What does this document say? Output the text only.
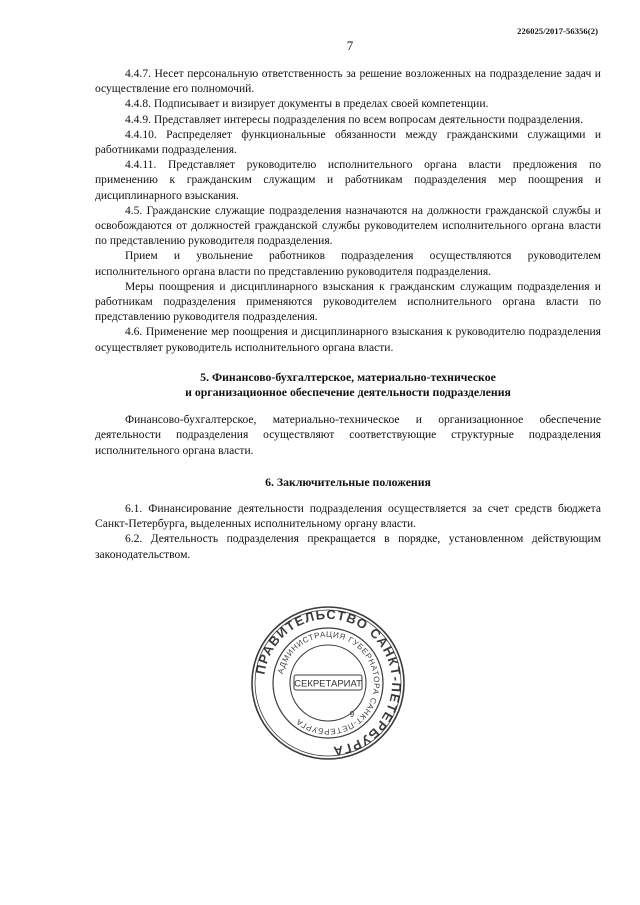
226025/2017-56356(2)
7

4.4.7. Несет персональную ответственность за решение возложенных на подразделение задач и осуществление его полномочий.

4.4.8. Подписывает и визирует документы в пределах своей компетенции.

4.4.9. Представляет интересы подразделения по всем вопросам деятельности подразделения.

4.4.10. Распределяет функциональные обязанности между гражданскими служащими и работниками подразделения.

4.4.11. Представляет руководителю исполнительного органа власти предложения по применению к гражданским служащим и работникам подразделения мер поощрения и дисциплинарного взыскания.

4.5. Гражданские служащие подразделения назначаются на должности гражданской службы и освобождаются от должностей гражданской службы руководителем исполнительного органа власти по представлению руководителя подразделения.

Прием и увольнение работников подразделения осуществляются руководителем исполнительного органа власти по представлению руководителя подразделения.

Меры поощрения и дисциплинарного взыскания к гражданским служащим подразделения и работникам подразделения применяются руководителем исполнительного органа власти по представлению руководителя подразделения.

4.6. Применение мер поощрения и дисциплинарного взыскания к руководителю подразделения осуществляет руководитель исполнительного органа власти.

5. Финансово-бухгалтерское, материально-техническое

и организационное обеспечение деятельности подразделения

Финансово-бухгалтерское, материально-техническое и организационное обеспечение деятельности подразделения осуществляют соответствующие структурные подразделения исполнительного органа власти.

6. Заключительные положения

6.1. Финансирование деятельности подразделения осуществляется за счет средств бюджета Санкт-Петербурга, выделенных исполнительному органу власти.

6.2. Деятельность подразделения прекращается в порядке, установленном действующим законодательством.

ПРАВИТЕЛЬСТВО САНКТ-ПЕТЕРБУРГА
АДМИНИСТРАЦИЯ ГУБЕРНАТОРА САНКТ-ПЕТЕРБУРГА
СЕКРЕТАРИАТ
9
